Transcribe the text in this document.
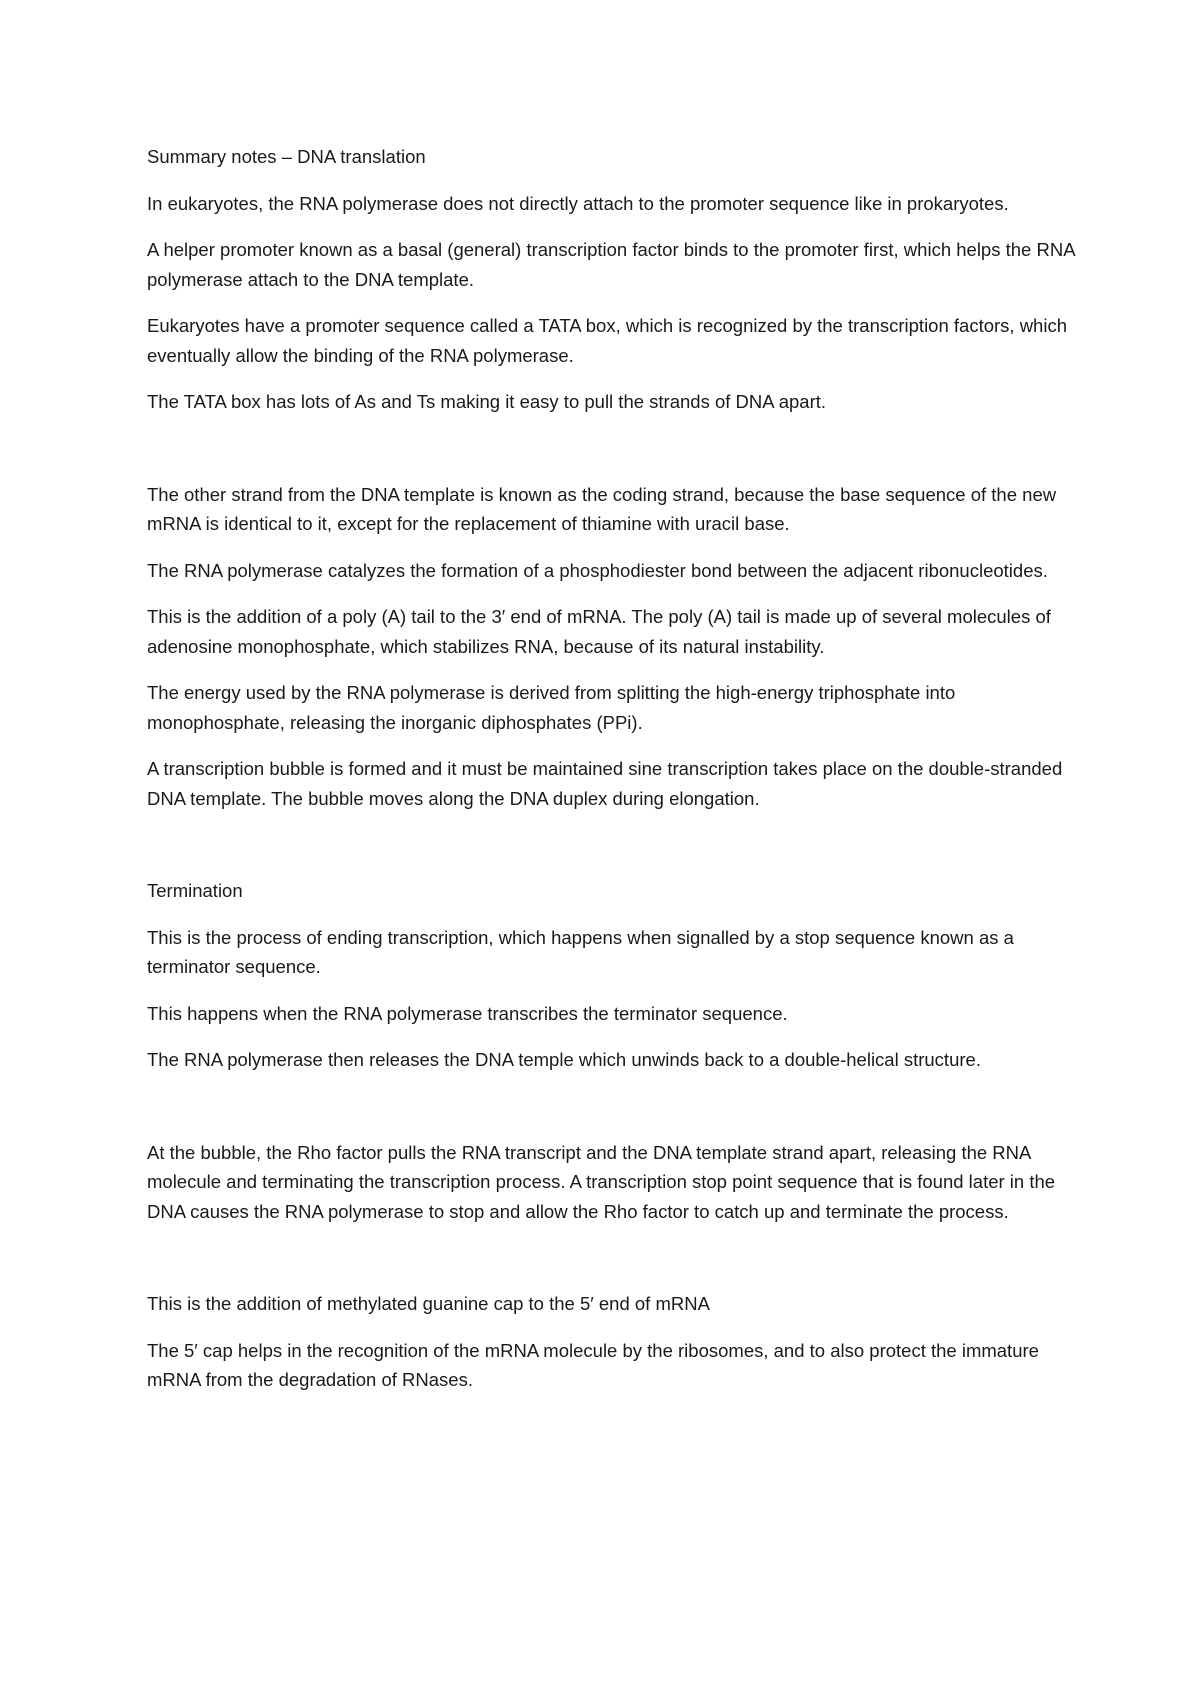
Summary notes – DNA translation

In eukaryotes, the RNA polymerase does not directly attach to the promoter sequence like in prokaryotes.

A helper promoter known as a basal (general) transcription factor binds to the promoter first, which helps the RNA polymerase attach to the DNA template.

Eukaryotes have a promoter sequence called a TATA box, which is recognized by the transcription factors, which eventually allow the binding of the RNA polymerase.

The TATA box has lots of As and Ts making it easy to pull the strands of DNA apart.

The other strand from the DNA template is known as the coding strand, because the base sequence of the new mRNA is identical to it, except for the replacement of thiamine with uracil base.

The RNA polymerase catalyzes the formation of a phosphodiester bond between the adjacent ribonucleotides.

This is the addition of a poly (A) tail to the 3′ end of mRNA. The poly (A) tail is made up of several molecules of adenosine monophosphate, which stabilizes RNA, because of its natural instability.

The energy used by the RNA polymerase is derived from splitting the high-energy triphosphate into monophosphate, releasing the inorganic diphosphates (PPi).

A transcription bubble is formed and it must be maintained sine transcription takes place on the double-stranded DNA template. The bubble moves along the DNA duplex during elongation.

Termination

This is the process of ending transcription, which happens when signalled by a stop sequence known as a terminator sequence.

This happens when the RNA polymerase transcribes the terminator sequence.

The RNA polymerase then releases the DNA temple which unwinds back to a double-helical structure.

At the bubble, the Rho factor pulls the RNA transcript and the DNA template strand apart, releasing the RNA molecule and terminating the transcription process. A transcription stop point sequence that is found later in the DNA causes the RNA polymerase to stop and allow the Rho factor to catch up and terminate the process.

This is the addition of methylated guanine cap to the 5′ end of mRNA

The 5′ cap helps in the recognition of the mRNA molecule by the ribosomes, and to also protect the immature mRNA from the degradation of RNases.
